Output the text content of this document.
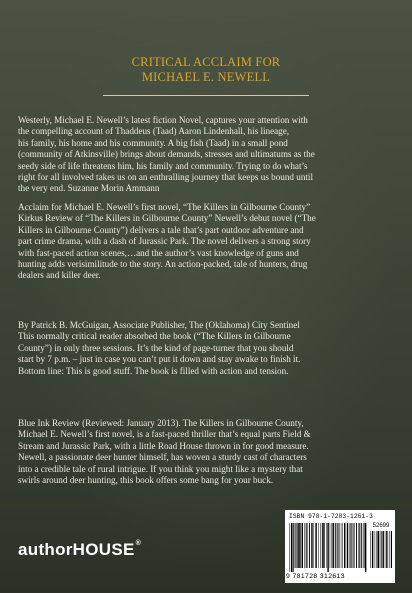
CRITICAL ACCLAIM FOR
MICHAEL E. NEWELL

Westerly, Michael E. Newell’s latest fiction Novel, captures your attention with
the compelling account of Thaddeus (Taad) Aaron Lindenhall, his lineage,
his family, his home and his community. A big fish (Taad) in a small pond
(community of Atkinsville) brings about demands, stresses and ultimatums as the
seedy side of life threatens him, his family and community. Trying to do what’s
right for all involved takes us on an enthralling journey that keeps us bound until
the very end. Suzanne Morin Ammann

Acclaim for Michael E. Newell’s first novel, “The Killers in Gilbourne County”
Kirkus Review of “The Killers in Gilbourne County” Newell’s debut novel (“The
Killers in Gilbourne County”) delivers a tale that’s part outdoor adventure and
part crime drama, with a dash of Jurassic Park. The novel delivers a strong story
with fast-paced action scenes,…and the author’s vast knowledge of guns and
hunting adds verisimilitude to the story. An action-packed, tale of hunters, drug
dealers and killer deer.

By Patrick B. McGuigan, Associate Publisher, The (Oklahoma) City Sentinel
This normally critical reader absorbed the book (“The Killers in Gilbourne
County”) in only three sessions. It’s the kind of page-turner that you should
start by 7 p.m. – just in case you can’t put it down and stay awake to finish it.
Bottom line: This is good stuff. The book is filled with action and tension.

Blue Ink Review (Reviewed: January 2013). The Killers in Gilbourne County,
Michael E. Newell’s first novel, is a fast-paced thriller that’s equal parts Field &
Stream and Jurassic Park, with a little Road House thrown in for good measure.
Newell, a passionate deer hunter himself, has woven a sturdy cast of characters
into a credible tale of rural intrigue. If you think you might like a mystery that
swirls around deer hunting, this book offers some bang for your buck.

authorHOUSE®
ISBN 978-1-7283-1261-3
52699
9 781728 312613
